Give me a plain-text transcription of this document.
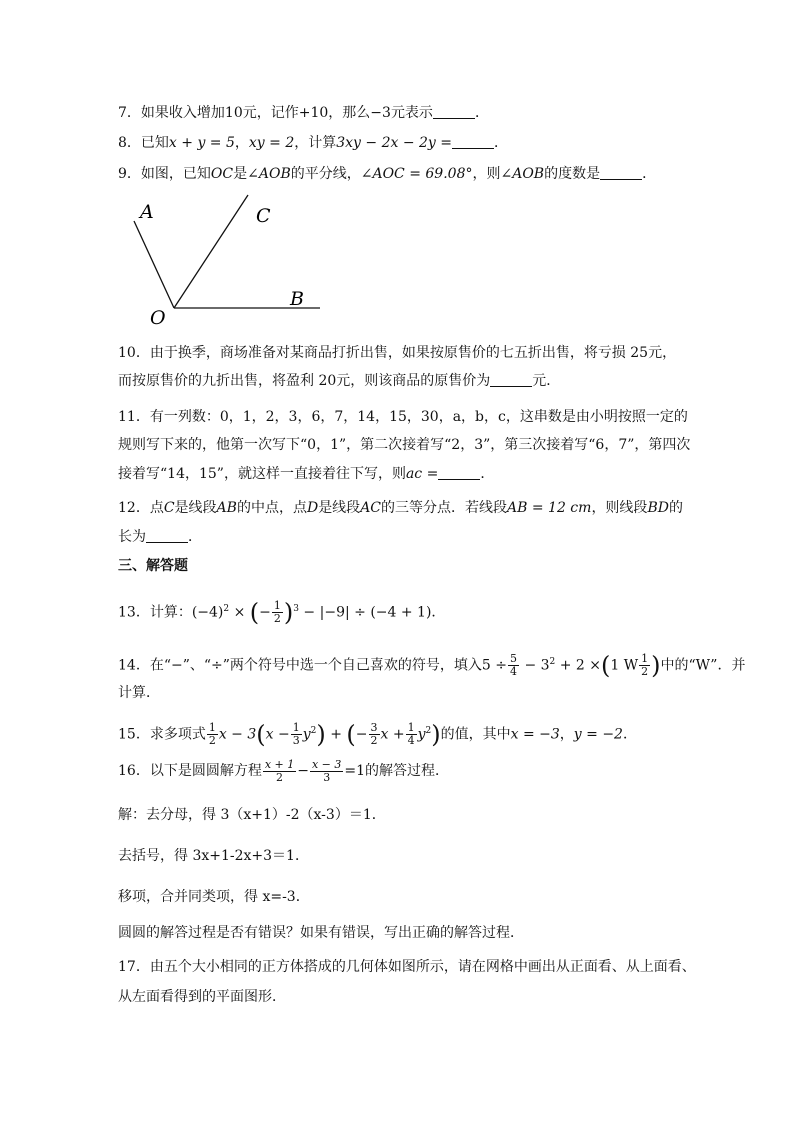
7．如果收入增加10元，记作+10，那么−3元表示	．
8．已知x + y = 5，xy = 2，计算3xy − 2x − 2y =	．
9．如图，已知OC是∠AOB的平分线，∠AOC = 69.08°，则∠AOB的度数是	．
A	C
O
B
10．由于换季，商场准备对某商品打折出售，如果按原售价的七五折出售，将亏损 25元，
而按原售价的九折出售，将盈利 20元，则该商品的原售价为	元．
11．有一列数：0，1，2，3，6，7，14，15，30，a，b，c，这串数是由小明按照一定的
规则写下来的，他第一次写下“0，1”，第二次接着写“2，3”，第三次接着写“6，7”，第四次
接着写“14，15”，就这样一直接着往下写，则ac =	．
12．点C是线段AB的中点，点D是线段AC的三等分点．若线段AB = 12 cm，则线段BD的
长为	．
三、解答题
13．计算：$(-4)^2$ × (− $\frac{1}{2} )^3 - |-9| \div (-4 + 1)$．
14．在“−”、“÷”两个符号中选一个自己喜欢的符号，填入$5 \div \frac{5}{4} - 3^2 + 2 \times(1$ W $\frac{1}{2}$ )中的“W”．并
计算．
15．求多项式 $\frac{1}{2}$ $x - 3(x - \frac{1}{3} y^2)$ + (− $\frac{3}{2}$ $x + \frac{1}{4} y^2$)的值，其中x = −3，y = −2．
16．以下是圆圆解方程 $\frac{x + 1}{2} - \frac{x - 3}{3} =1$的解答过程．
解：去分母，得 3（x+1）-2（x-3）＝1．
去括号，得 3x+1-2x+3＝1．
移项，合并同类项，得 x=-3．
圆圆的解答过程是否有错误？如果有错误，写出正确的解答过程．
17．由五个大小相同的正方体搭成的几何体如图所示，请在网格中画出从正面看、从上面看、
从左面看得到的平面图形．
